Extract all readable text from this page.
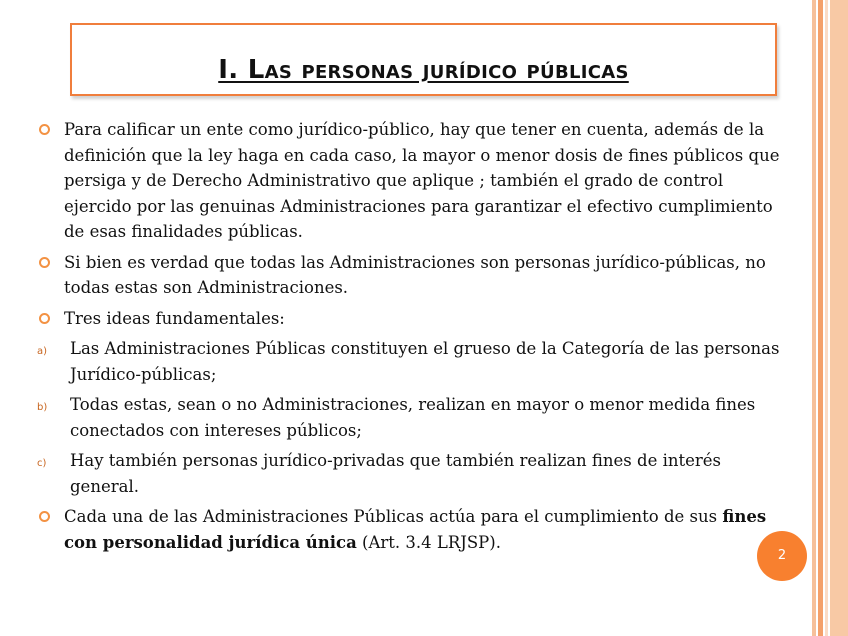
I. Las personas jurídico públicas
Para calificar un ente como jurídico-público, hay que tener en cuenta, además de la definición que la ley haga en cada caso, la mayor o menor dosis de fines públicos que persiga y de Derecho Administrativo que aplique ; también el grado de control ejercido por las genuinas Administraciones para garantizar el efectivo cumplimiento de esas finalidades públicas.
Si bien es verdad que todas las Administraciones son personas jurídico-públicas, no todas estas son Administraciones.
Tres ideas fundamentales:
a) Las Administraciones Públicas constituyen el grueso de la Categoría de las personas Jurídico-públicas;
b) Todas estas, sean o no Administraciones, realizan en mayor o menor medida fines conectados con intereses públicos;
c) Hay también personas jurídico-privadas que también realizan fines de interés general.
Cada una de las Administraciones Públicas actúa para el cumplimiento de sus fines con personalidad jurídica única (Art. 3.4 LRJSP).
2
